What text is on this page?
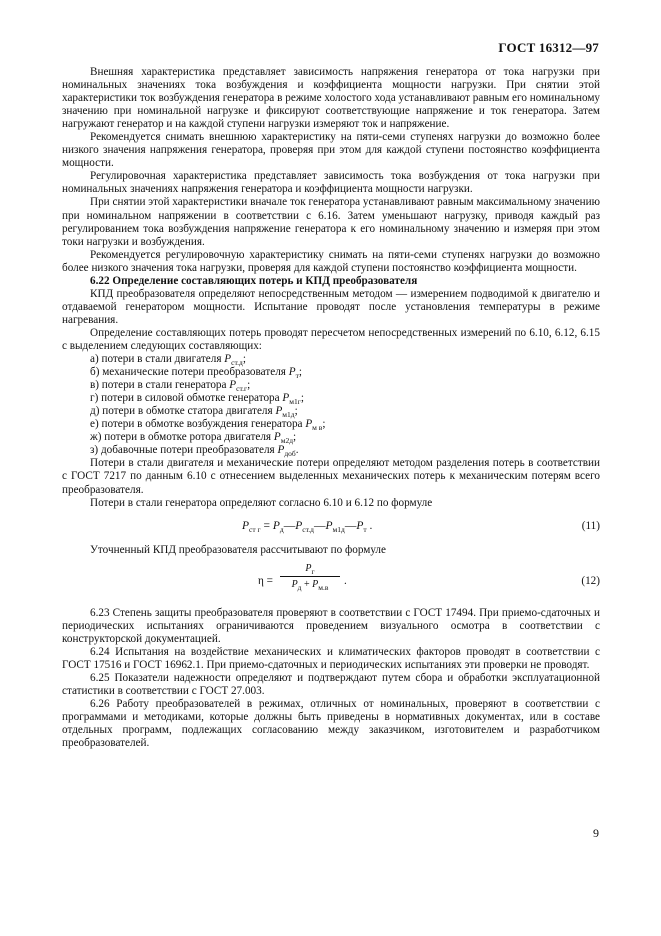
ГОСТ 16312—97

Внешняя характеристика представляет зависимость напряжения генератора от тока нагрузки при номинальных значениях тока возбуждения и коэффициента мощности нагрузки. При снятии этой характеристики ток возбуждения генератора в режиме холостого хода устанавливают равным его номинальному значению при номинальной нагрузке и фиксируют соответствующие напряжение и ток генератора. Затем нагружают генератор и на каждой ступени нагрузки измеряют ток и напряжение.

Рекомендуется снимать внешнюю характеристику на пяти-семи ступенях нагрузки до возможно более низкого значения напряжения генератора, проверяя при этом для каждой ступени постоянство коэффициента мощности.

Регулировочная характеристика представляет зависимость тока возбуждения от тока нагрузки при номинальных значениях напряжения генератора и коэффициента мощности нагрузки.

При снятии этой характеристики вначале ток генератора устанавливают равным максимальному значению при номинальном напряжении в соответствии с 6.16. Затем уменьшают нагрузку, приводя каждый раз регулированием тока возбуждения напряжение генератора к его номинальному значению и измеряя при этом токи нагрузки и возбуждения.

Рекомендуется регулировочную характеристику снимать на пяти-семи ступенях нагрузки до возможно более низкого значения тока нагрузки, проверяя для каждой ступени постоянство коэффициента мощности.

6.22 Определение составляющих потерь и КПД преобразователя

КПД преобразователя определяют непосредственным методом — измерением подводимой к двигателю и отдаваемой генератором мощности. Испытание проводят после установления температуры в режиме нагревания.

Определение составляющих потерь проводят пересчетом непосредственных измерений по 6.10, 6.12, 6.15 с выделением следующих составляющих:

а) потери в стали двигателя $P_{ст.д}$;
б) механические потери преобразователя $P_т$;
в) потери в стали генератора $P_{ст.г}$;
г) потери в силовой обмотке генератора $P_{м1г}$;
д) потери в обмотке статора двигателя $P_{м1д}$;
е) потери в обмотке возбуждения генератора $P_{м в}$;
ж) потери в обмотке ротора двигателя $P_{м2д}$;
з) добавочные потери преобразователя $P_{доб}$.

Потери в стали двигателя и механические потери определяют методом разделения потерь в соответствии с ГОСТ 7217 по данным 6.10 с отнесением выделенных механических потерь к механическим потерям всего преобразователя.

Потери в стали генератора определяют согласно 6.10 и 6.12 по формуле

$P_{ст г}$ = $P_д—P_{ст.д}—P_{м1д}—P_т$ .	(11)

Уточненный КПД преобразователя рассчитывают по формуле

η =
$P_г$
$P_д + P_{м.в}$
.	(12)

6.23 Степень защиты преобразователя проверяют в соответствии с ГОСТ 17494. При приемо-сдаточных и периодических испытаниях ограничиваются проведением визуального осмотра в соответствии с конструкторской документацией.

6.24 Испытания на воздействие механических и климатических факторов проводят в соответствии с ГОСТ 17516 и ГОСТ 16962.1. При приемо-сдаточных и периодических испытаниях эти проверки не проводят.

6.25 Показатели надежности определяют и подтверждают путем сбора и обработки эксплуатационной статистики в соответствии с ГОСТ 27.003.

6.26 Работу преобразователей в режимах, отличных от номинальных, проверяют в соответствии с программами и методиками, которые должны быть приведены в нормативных документах, или в составе отдельных программ, подлежащих согласованию между заказчиком, изготовителем и разработчиком преобразователей.

9
